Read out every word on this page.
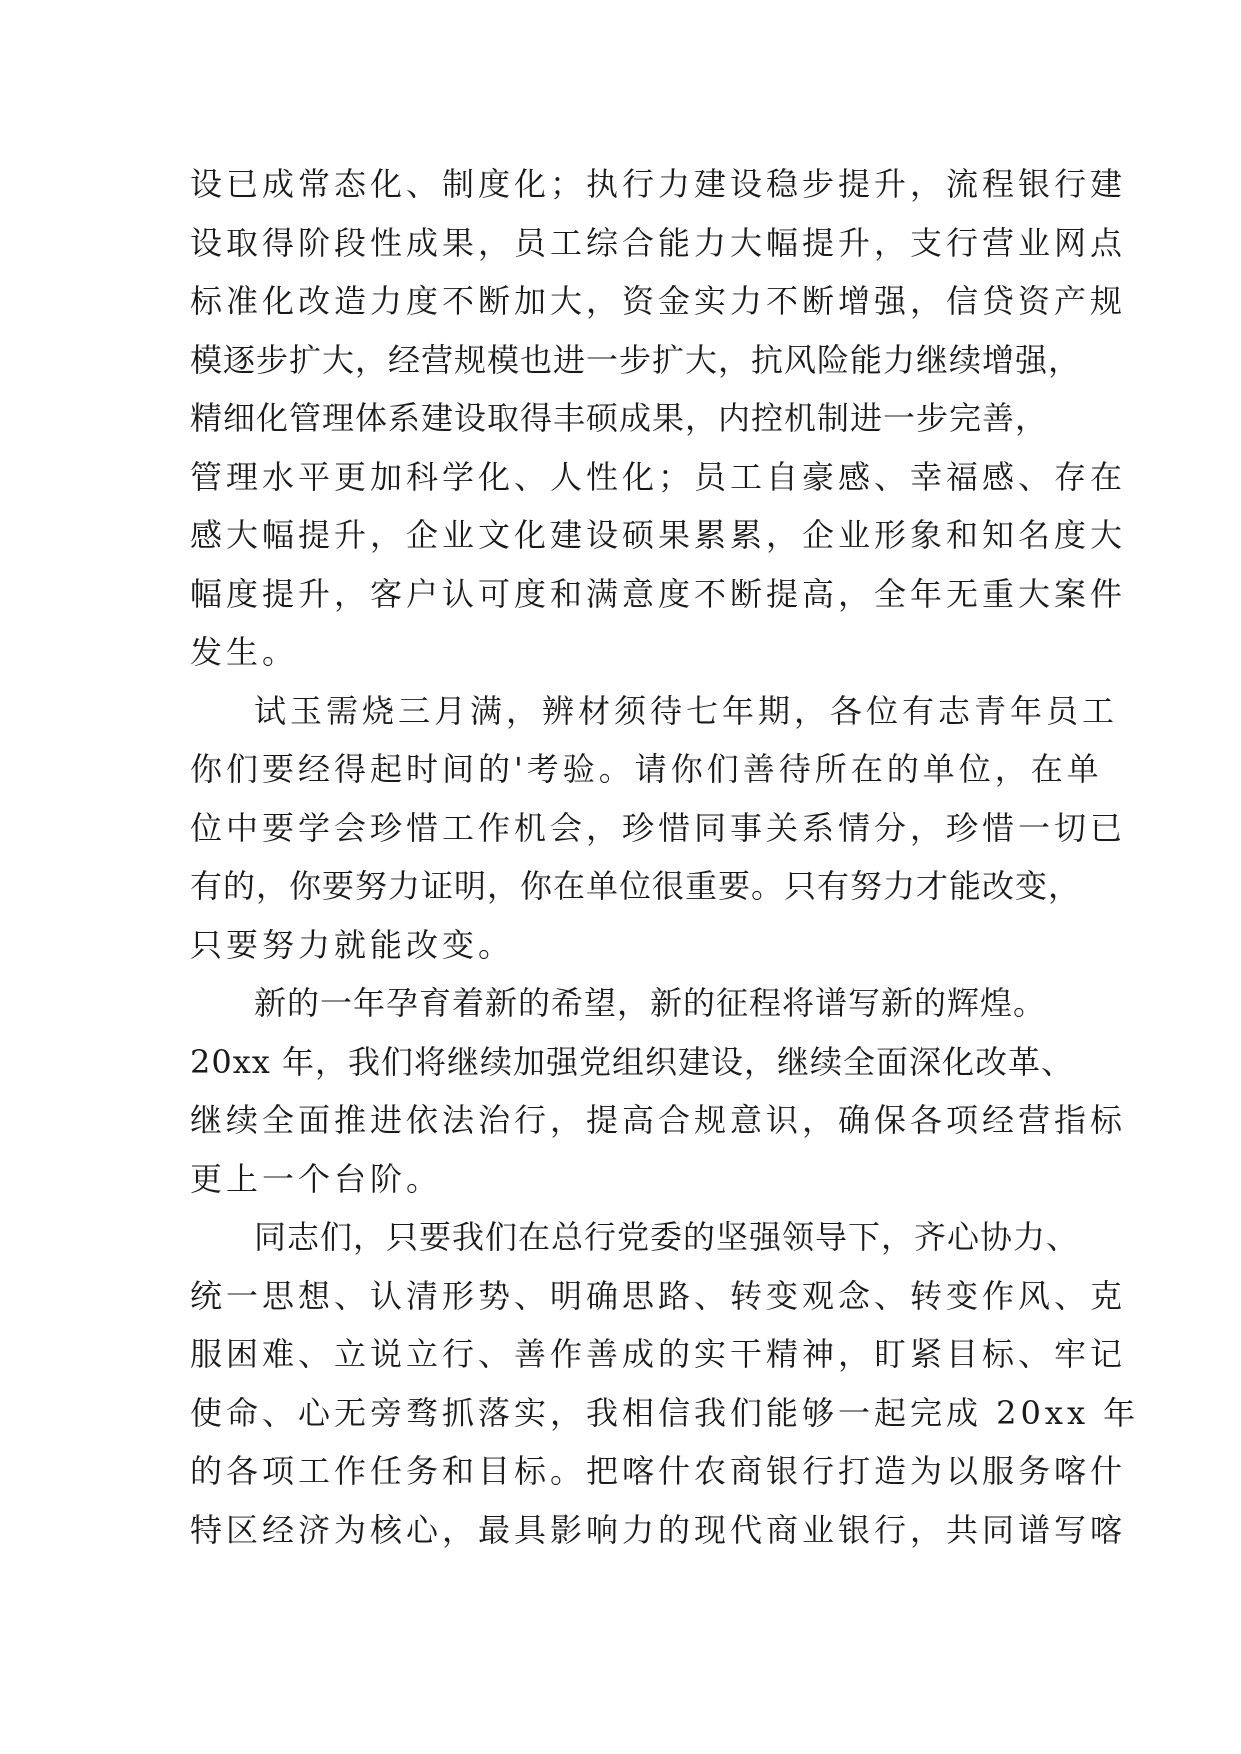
设已成常态化、制度化；执行力建设稳步提升，流程银行建
设取得阶段性成果，员工综合能力大幅提升，支行营业网点
标准化改造力度不断加大，资金实力不断增强，信贷资产规
模逐步扩大，经营规模也进一步扩大，抗风险能力继续增强，
精细化管理体系建设取得丰硕成果，内控机制进一步完善，
管理水平更加科学化、人性化；员工自豪感、幸福感、存在
感大幅提升，企业文化建设硕果累累，企业形象和知名度大
幅度提升，客户认可度和满意度不断提高，全年无重大案件
发生。
试玉需烧三月满，辨材须待七年期，各位有志青年员工
你们要经得起时间的'考验。请你们善待所在的单位，在单
位中要学会珍惜工作机会，珍惜同事关系情分，珍惜一切已
有的，你要努力证明，你在单位很重要。只有努力才能改变，
只要努力就能改变。
新的一年孕育着新的希望，新的征程将谱写新的辉煌。
20xx 年，我们将继续加强党组织建设，继续全面深化改革、
继续全面推进依法治行，提高合规意识，确保各项经营指标
更上一个台阶。
同志们，只要我们在总行党委的坚强领导下，齐心协力、
统一思想、认清形势、明确思路、转变观念、转变作风、克
服困难、立说立行、善作善成的实干精神，盯紧目标、牢记
使命、心无旁骛抓落实，我相信我们能够一起完成 20xx 年
的各项工作任务和目标。把喀什农商银行打造为以服务喀什
特区经济为核心，最具影响力的现代商业银行，共同谱写喀
